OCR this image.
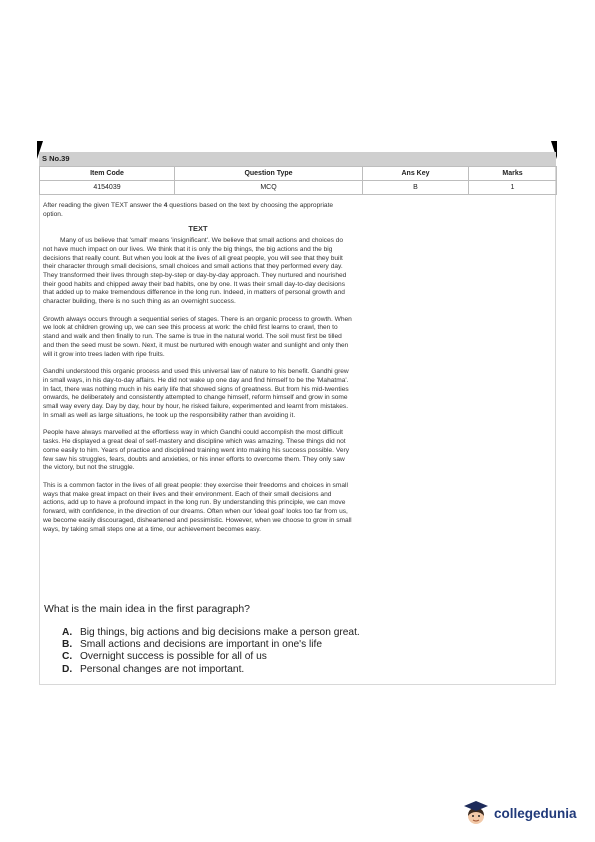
S No.39
Item Code	Question Type	Ans Key	Marks
4154039	MCQ	B	1

After reading the given TEXT answer the 4 questions based on the text by choosing the appropriate option.

TEXT

Many of us believe that 'small' means 'insignificant'. We believe that small actions and choices do not have much impact on our lives. We think that it is only the big things, the big actions and the big decisions that really count. But when you look at the lives of all great people, you will see that they built their character through small decisions, small choices and small actions that they performed every day. They transformed their lives through step-by-step or day-by-day approach. They nurtured and nourished their good habits and chipped away their bad habits, one by one. It was their small day-to-day decisions that added up to make tremendous difference in the long run. Indeed, in matters of personal growth and character building, there is no such thing as an overnight success.

Growth always occurs through a sequential series of stages. There is an organic process to growth. When we look at children growing up, we can see this process at work: the child first learns to crawl, then to stand and walk and then finally to run. The same is true in the natural world. The soil must first be tilled and then the seed must be sown. Next, it must be nurtured with enough water and sunlight and only then will it grow into trees laden with ripe fruits.

Gandhi understood this organic process and used this universal law of nature to his benefit. Gandhi grew in small ways, in his day-to-day affairs. He did not wake up one day and find himself to be the 'Mahatma'. In fact, there was nothing much in his early life that showed signs of greatness. But from his mid-twenties onwards, he deliberately and consistently attempted to change himself, reform himself and grow in some small way every day. Day by day, hour by hour, he risked failure, experimented and learnt from mistakes. In small as well as large situations, he took up the responsibility rather than avoiding it.

People have always marvelled at the effortless way in which Gandhi could accomplish the most difficult tasks. He displayed a great deal of self-mastery and discipline which was amazing. These things did not come easily to him. Years of practice and disciplined training went into making his success possible. Very few saw his struggles, fears, doubts and anxieties, or his inner efforts to overcome them. They only saw the victory, but not the struggle.

This is a common factor in the lives of all great people: they exercise their freedoms and choices in small ways that make great impact on their lives and their environment. Each of their small decisions and actions, add up to have a profound impact in the long run. By understanding this principle, we can move forward, with confidence, in the direction of our dreams. Often when our 'ideal goal' looks too far from us, we become easily discouraged, disheartened and pessimistic. However, when we choose to grow in small ways, by taking small steps one at a time, our achievement becomes easy.

What is the main idea in the first paragraph?
A. Big things, big actions and big decisions make a person great.
B. Small actions and decisions are important in one's life
C. Overnight success is possible for all of us
D. Personal changes are not important.
collegedunia
